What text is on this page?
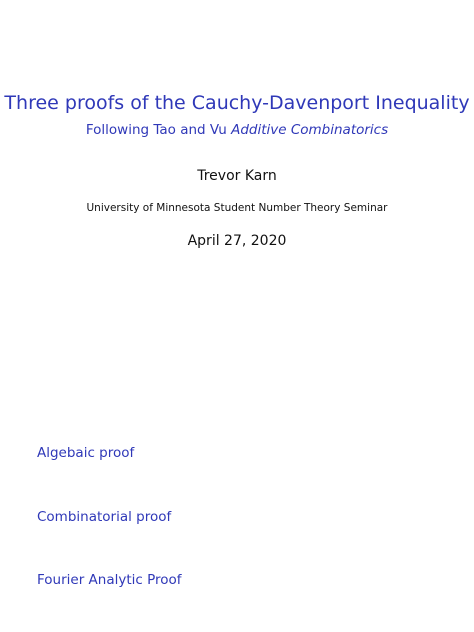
Three proofs of the Cauchy-Davenport Inequality
Following Tao and Vu Additive Combinatorics
Trevor Karn
University of Minnesota Student Number Theory Seminar
April 27, 2020
Algebaic proof
Combinatorial proof
Fourier Analytic Proof
